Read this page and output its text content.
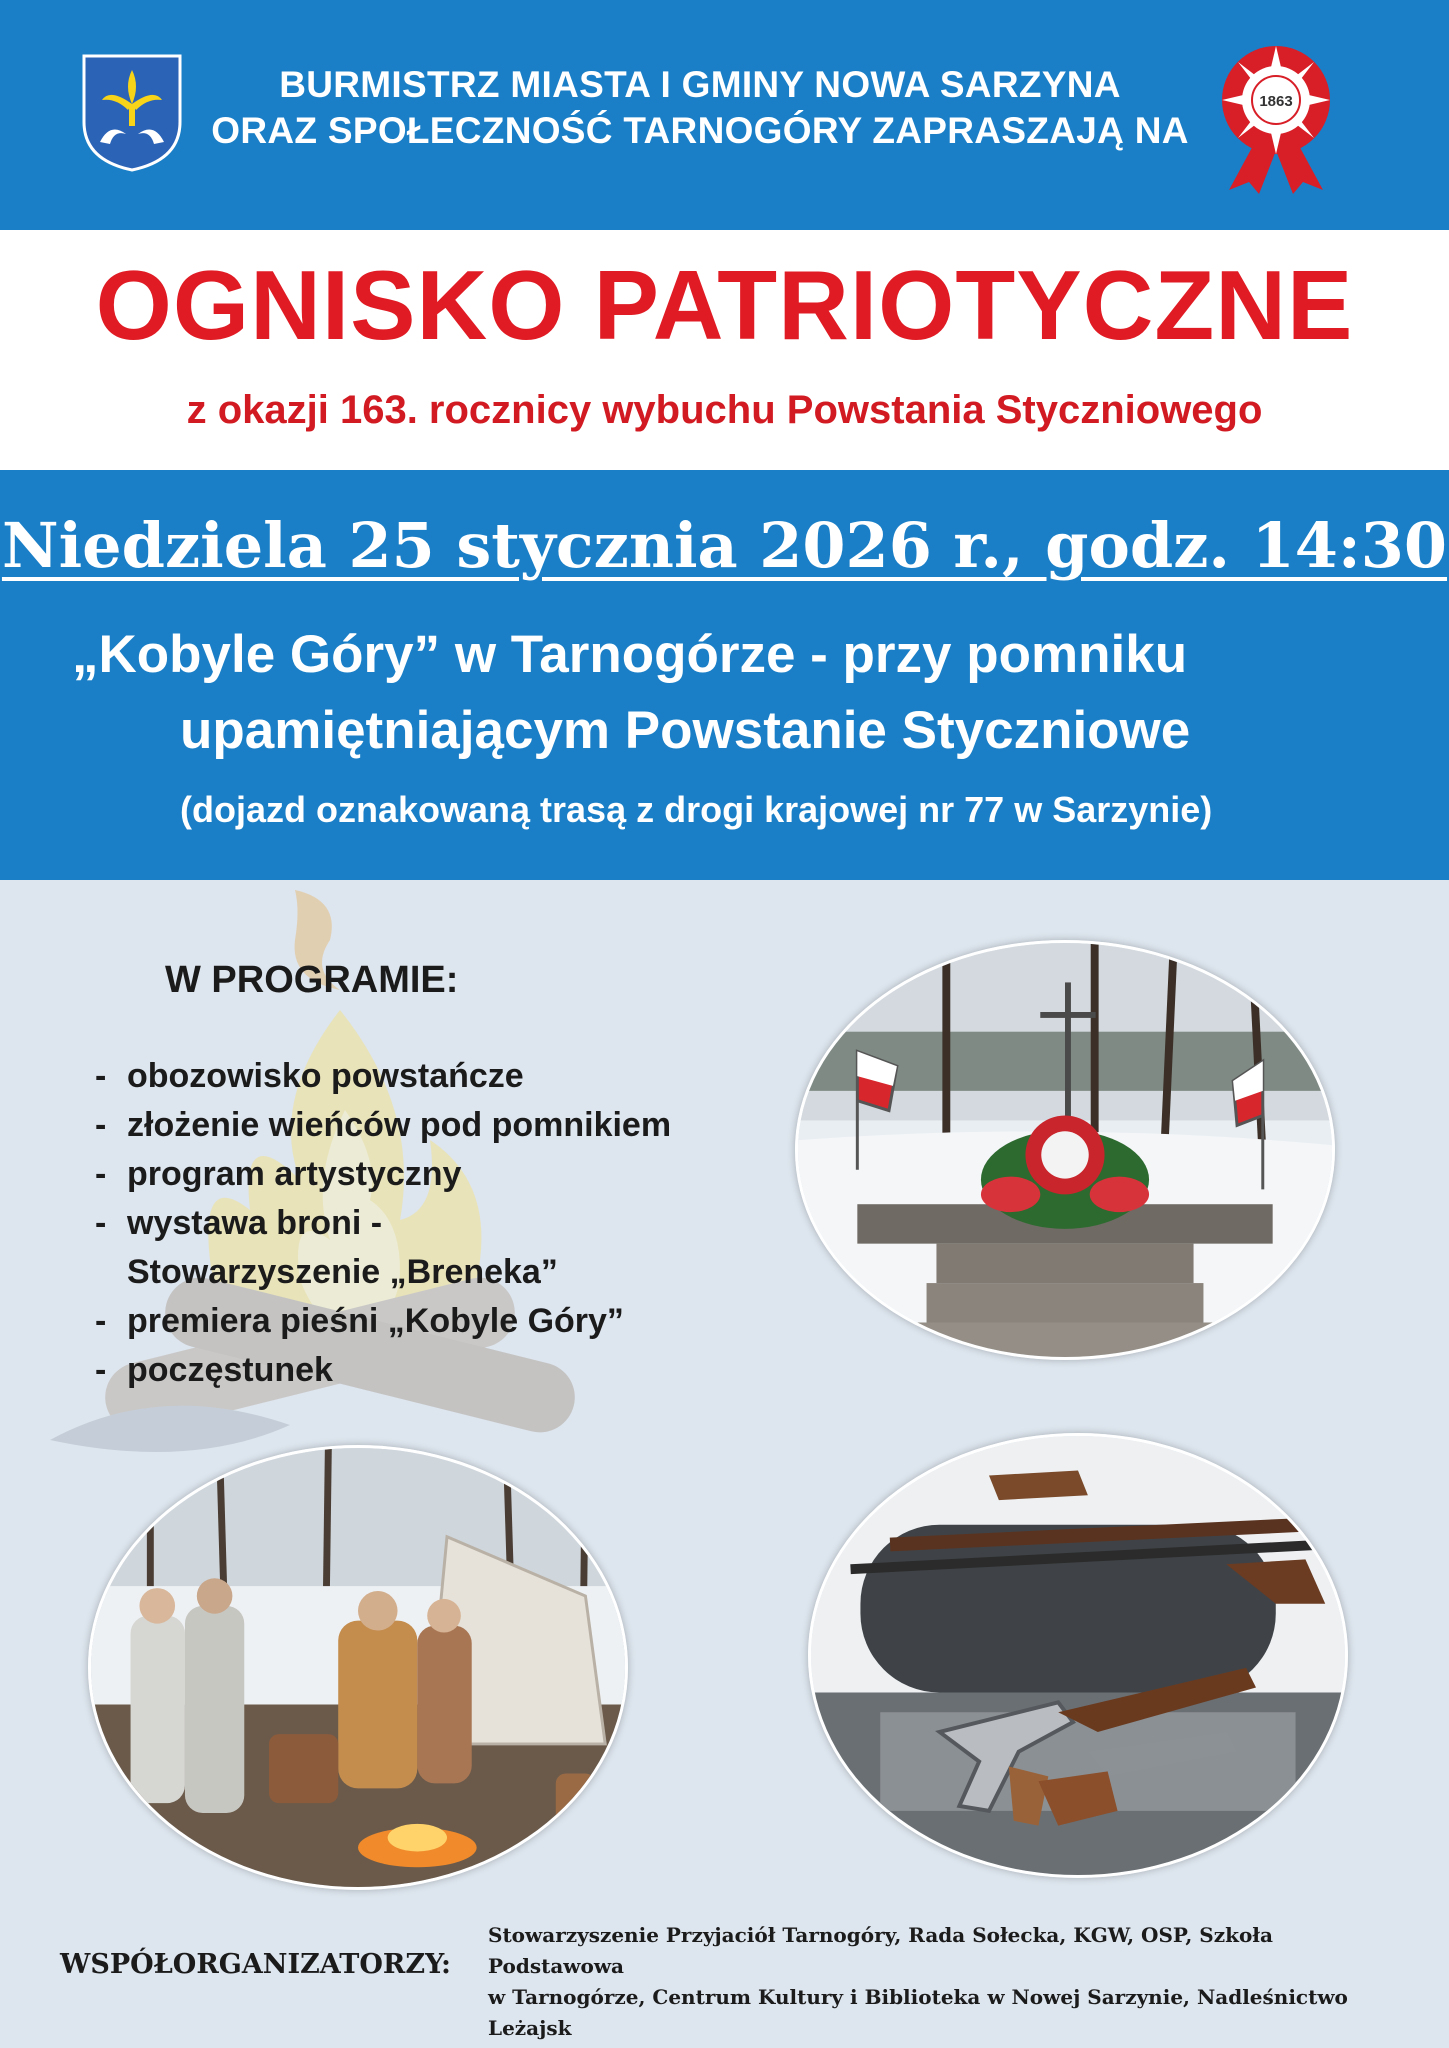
BURMISTRZ MIASTA I GMINY NOWA SARZYNA
ORAZ SPOŁECZNOŚĆ TARNOGÓRY ZAPRASZAJĄ NA
1863
OGNISKO PATRIOTYCZNE
z okazji 163. rocznicy wybuchu Powstania Styczniowego
Niedziela 25 stycznia 2026 r., godz. 14:30
„Kobyle Góry” w Tarnogórze - przy pomniku
upamiętniającym Powstanie Styczniowe
(dojazd oznakowaną trasą z drogi krajowej nr 77 w Sarzynie)
W PROGRAMIE:
- obozowisko powstańcze
- złożenie wieńców pod pomnikiem
- program artystyczny
- wystawa broni -
Stowarzyszenie „Breneka”
- premiera pieśni „Kobyle Góry”
- poczęstunek
WSPÓŁORGANIZATORZY:
Stowarzyszenie Przyjaciół Tarnogóry, Rada Sołecka, KGW, OSP, Szkoła Podstawowa
w Tarnogórze, Centrum Kultury i Biblioteka w Nowej Sarzynie, Nadleśnictwo Leżajsk
